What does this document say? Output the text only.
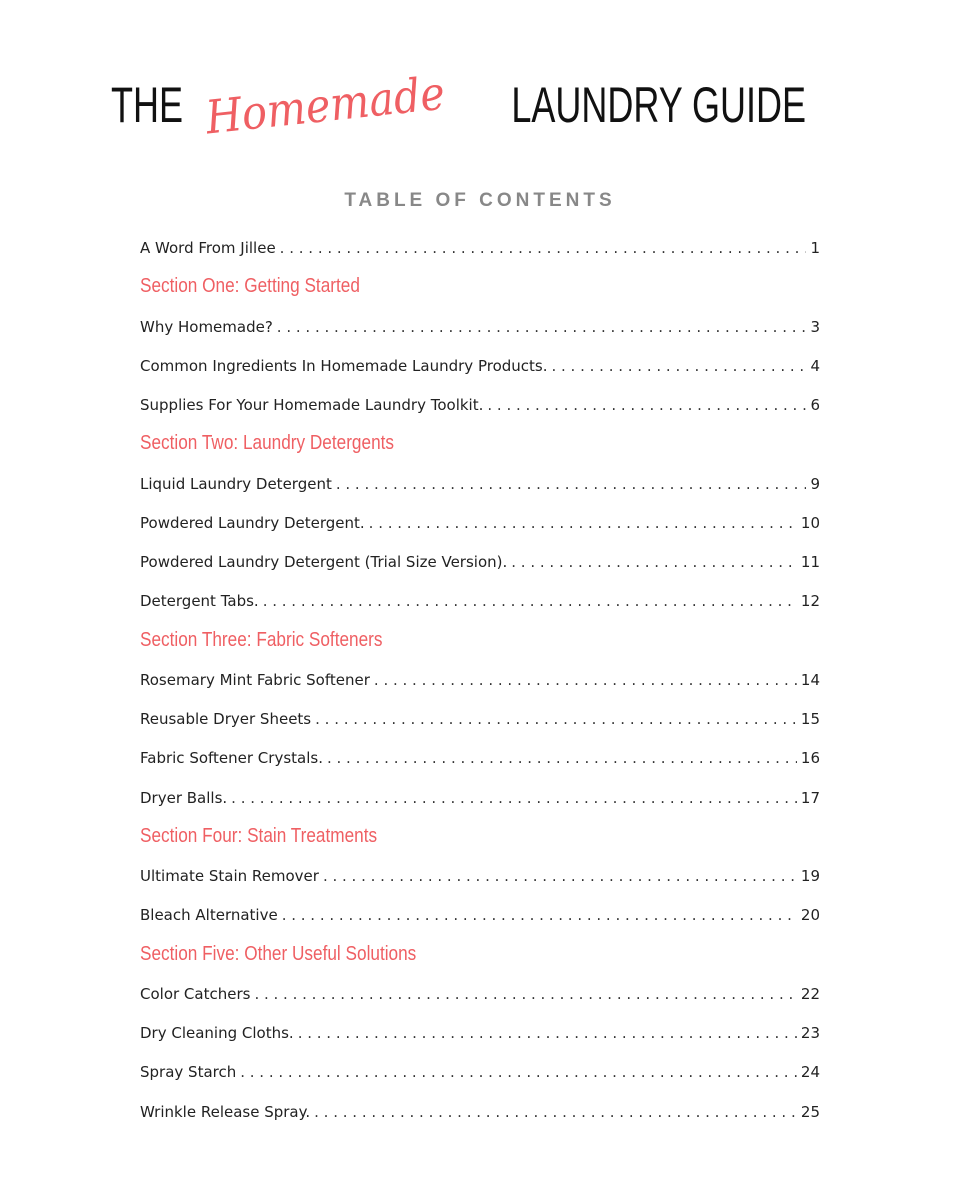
THE Homemade LAUNDRY GUIDE
TABLE OF CONTENTS
A Word From Jillee . . .	1
Section One: Getting Started
Why Homemade? . . .	3
Common Ingredients In Homemade Laundry Products. . . .	4
Supplies For Your Homemade Laundry Toolkit. . . .	6
Section Two: Laundry Detergents
Liquid Laundry Detergent . . .	9
Powdered Laundry Detergent. . . .	10
Powdered Laundry Detergent (Trial Size Version). . . .	11
Detergent Tabs. . . .	12
Section Three: Fabric Softeners
Rosemary Mint Fabric Softener . . .	14
Reusable Dryer Sheets . . .	15
Fabric Softener Crystals. . . .	16
Dryer Balls. . . .	17
Section Four: Stain Treatments
Ultimate Stain Remover . . .	19
Bleach Alternative . . .	20
Section Five: Other Useful Solutions
Color Catchers . . .	22
Dry Cleaning Cloths. . . .	23
Spray Starch . . .	24
Wrinkle Release Spray. . . .	25
